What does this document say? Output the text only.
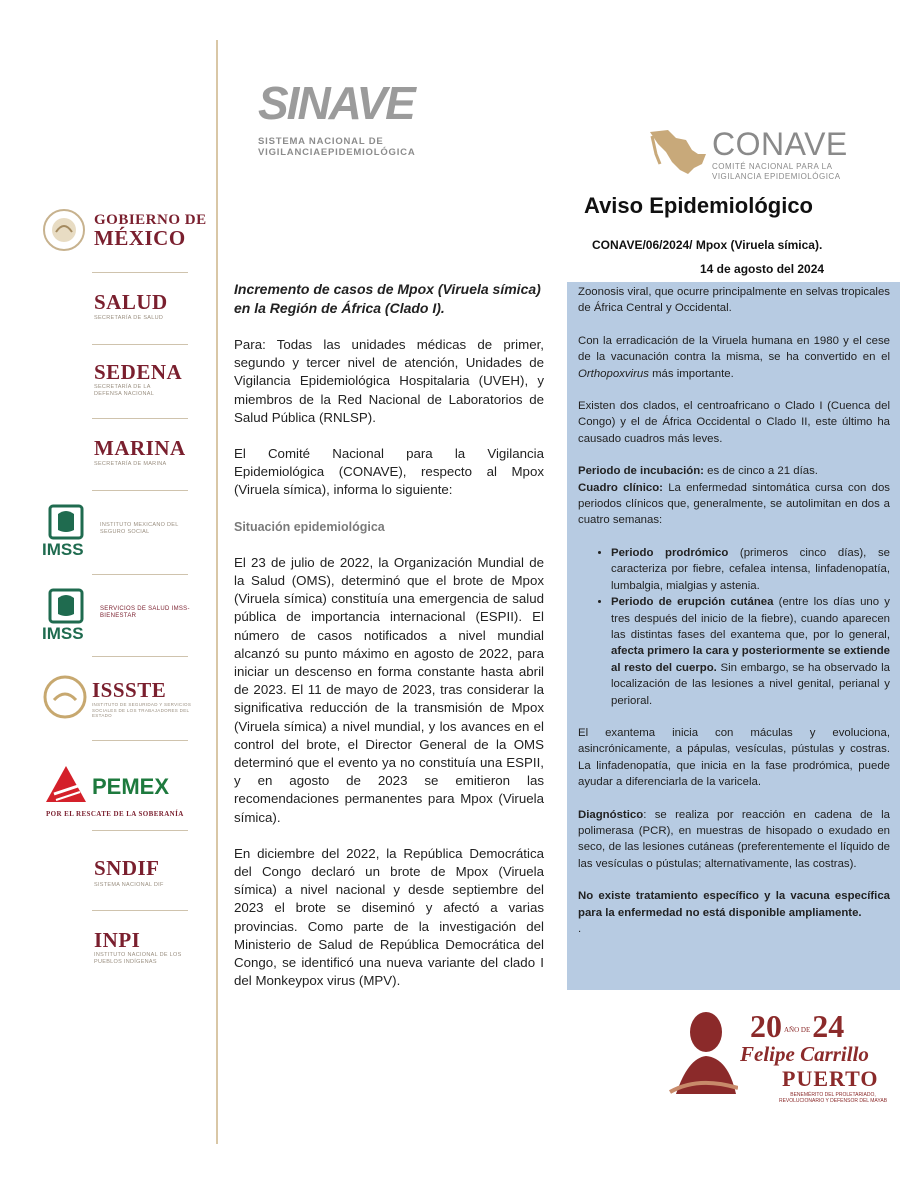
SINAVE
SISTEMA NACIONAL DE VIGILANCIAEPIDEMIOLÓGICA	CONAVE
COMITÉ NACIONAL PARA LA VIGILANCIA EPIDEMIOLÓGICA
Aviso Epidemiológico
CONAVE/06/2024/ Mpox (Viruela símica).
14 de agosto del 2024
GOBIERNO DE
MÉXICO
SALUD
SECRETARÍA DE SALUD
SEDENA
SECRETARÍA DE LA DEFENSA NACIONAL
MARINA
SECRETARÍA DE MARINA
IMSS
INSTITUTO MEXICANO DEL SEGURO SOCIAL
IMSS
SERVICIOS DE SALUD IMSS-BIENESTAR
ISSSTE
INSTITUTO DE SEGURIDAD Y SERVICIOS SOCIALES DE LOS TRABAJADORES DEL ESTADO
PEMEX
POR EL RESCATE DE LA SOBERANÍA
SNDIF
SISTEMA NACIONAL DIF
INPI
INSTITUTO NACIONAL DE LOS PUEBLOS INDÍGENAS

Incremento de casos de Mpox (Viruela símica) en la Región de África (Clado I).

Para: Todas las unidades médicas de primer, segundo y tercer nivel de atención, Unidades de Vigilancia Epidemiológica Hospitalaria (UVEH), y miembros de la Red Nacional de Laboratorios de Salud Pública (RNLSP).

El Comité Nacional para la Vigilancia Epidemiológica (CONAVE), respecto al Mpox (Viruela símica), informa lo siguiente:

Situación epidemiológica

El 23 de julio de 2022, la Organización Mundial de la Salud (OMS), determinó que el brote de Mpox (Viruela símica) constituía una emergencia de salud pública de importancia internacional (ESPII). El número de casos notificados a nivel mundial alcanzó su punto máximo en agosto de 2022, para iniciar un descenso en forma constante hasta abril de 2023. El 11 de mayo de 2023, tras considerar la significativa reducción de la transmisión de Mpox (Viruela símica) a nivel mundial, y los avances en el control del brote, el Director General de la OMS determinó que el evento ya no constituía una ESPII, y en agosto de 2023 se emitieron las recomendaciones permanentes para Mpox (Viruela símica).

En diciembre del 2022, la República Democrática del Congo declaró un brote de Mpox (Viruela símica) a nivel nacional y desde septiembre del 2023 el brote se diseminó y afectó a varias provincias. Como parte de la investigación del Ministerio de Salud de República Democrática del Congo, se identificó una nueva variante del clado I del Monkeypox virus (MPV).

Zoonosis viral, que ocurre principalmente en selvas tropicales de África Central y Occidental.

Con la erradicación de la Viruela humana en 1980 y el cese de la vacunación contra la misma, se ha convertido en el Orthopoxvirus más importante.

Existen dos clados, el centroafricano o Clado I (Cuenca del Congo) y el de África Occidental o Clado II, este último ha causado cuadros más leves.

Periodo de incubación: es de cinco a 21 días.
Cuadro clínico: La enfermedad sintomática cursa con dos periodos clínicos que, generalmente, se autolimitan en dos a cuatro semanas:

• Periodo prodrómico (primeros cinco días), se caracteriza por fiebre, cefalea intensa, linfadenopatía, lumbalgia, mialgias y astenia.
• Periodo de erupción cutánea (entre los días uno y tres después del inicio de la fiebre), cuando aparecen las distintas fases del exantema que, por lo general, afecta primero la cara y posteriormente se extiende al resto del cuerpo. Sin embargo, se ha observado la localización de las lesiones a nivel genital, perianal y perioral.

El exantema inicia con máculas y evoluciona, asincrónicamente, a pápulas, vesículas, pústulas y costras. La linfadenopatía, que inicia en la fase prodrómica, puede ayudar a diferenciarla de la varicela.

Diagnóstico: se realiza por reacción en cadena de la polimerasa (PCR), en muestras de hisopado o exudado en seco, de las lesiones cutáneas (preferentemente el líquido de las vesículas o pústulas; alternativamente, las costras).

No existe tratamiento específico y la vacuna específica para la enfermedad no está disponible ampliamente.

.

20 AÑO DE24
Felipe Carrillo
PUERTO
BENEMÉRITO DEL PROLETARIADO, REVOLUCIONARIO Y DEFENSOR DEL MAYAB
